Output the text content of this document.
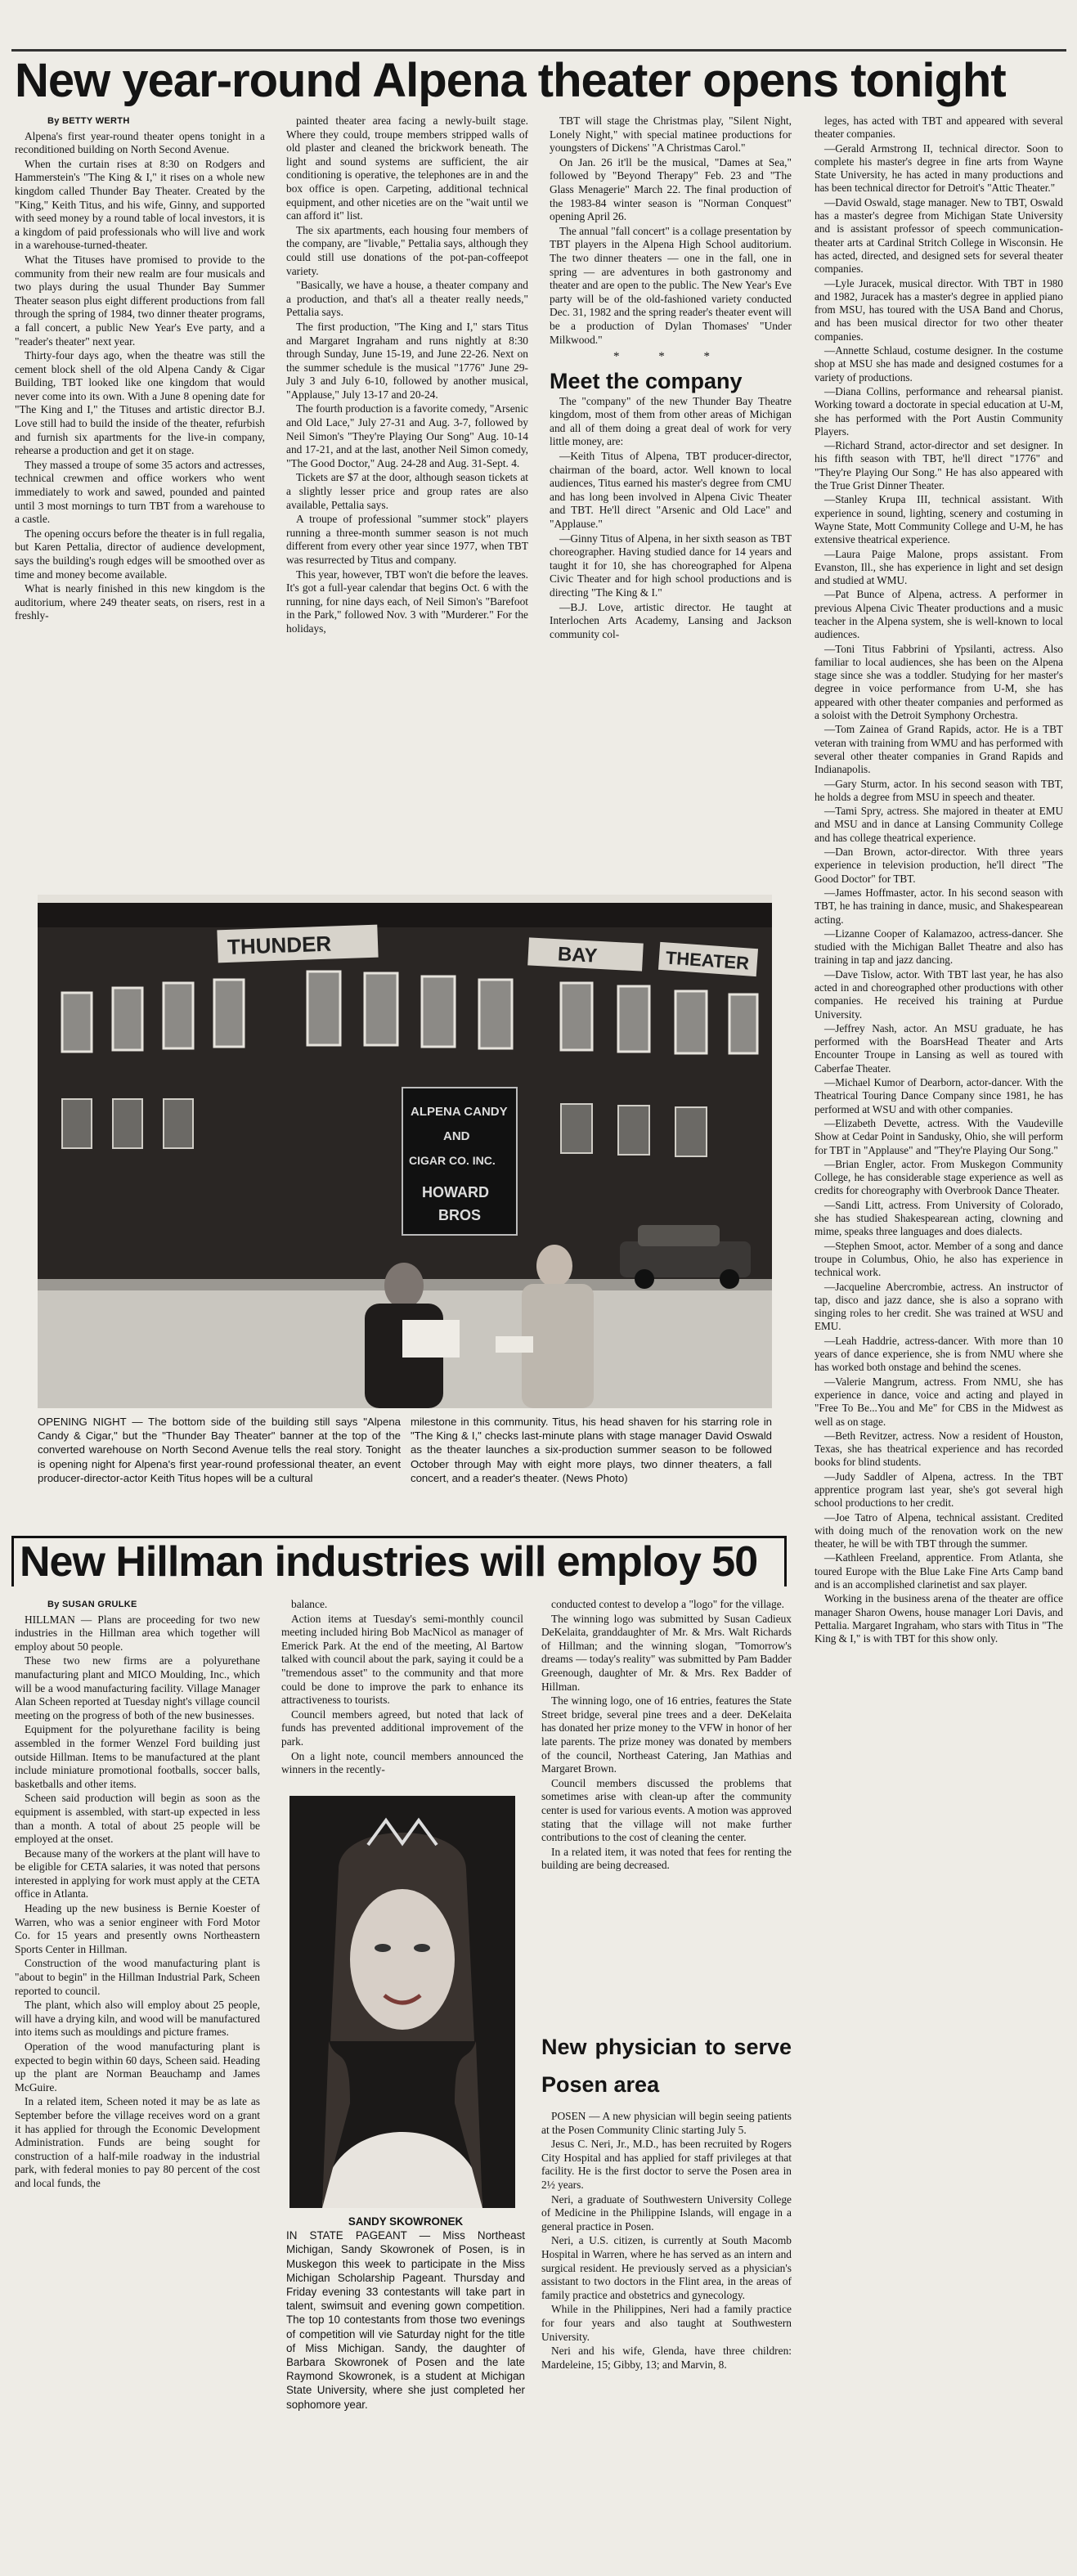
New year-round Alpena theater opens tonight
By BETTY WERTH

Alpena's first year-round theater opens tonight in a reconditioned building on North Second Avenue.

When the curtain rises at 8:30 on Rodgers and Hammerstein's "The King & I," it rises on a whole new kingdom called Thunder Bay Theater. Created by the "King," Keith Titus, and his wife, Ginny, and supported with seed money by a round table of local investors, it is a kingdom of paid professionals who will live and work in a warehouse-turned-theater.

What the Tituses have promised to provide to the community from their new realm are four musicals and two plays during the usual Thunder Bay Summer Theater season plus eight different productions from fall through the spring of 1984, two dinner theater programs, a fall concert, a public New Year's Eve party, and a "reader's theater" next year.

Thirty-four days ago, when the theatre was still the cement block shell of the old Alpena Candy & Cigar Building, TBT looked like one kingdom that would never come into its own. With a June 8 opening date for "The King and I," the Tituses and artistic director B.J. Love still had to build the inside of the theater, refurbish and furnish six apartments for the live-in company, rehearse a production and get it on stage.

They massed a troupe of some 35 actors and actresses, technical crewmen and office workers who went immediately to work and sawed, pounded and painted until 3 most mornings to turn TBT from a warehouse to a castle.

The opening occurs before the theater is in full regalia, but Karen Pettalia, director of audience development, says the building's rough edges will be smoothed over as time and money become available.

What is nearly finished in this new kingdom is the auditorium, where 249 theater seats, on risers, rest in a freshly-

painted theater area facing a newly-built stage. Where they could, troupe members stripped walls of old plaster and cleaned the brickwork beneath. The light and sound systems are sufficient, the air conditioning is operative, the telephones are in and the box office is open. Carpeting, additional technical equipment, and other niceties are on the "wait until we can afford it" list.

The six apartments, each housing four members of the company, are "livable," Pettalia says, although they could still use donations of the pot-pan-coffeepot variety.

"Basically, we have a house, a theater company and a production, and that's all a theater really needs," Pettalia says.

The first production, "The King and I," stars Titus and Margaret Ingraham and runs nightly at 8:30 through Sunday, June 15-19, and June 22-26. Next on the summer schedule is the musical "1776" June 29-July 3 and July 6-10, followed by another musical, "Applause," July 13-17 and 20-24.

The fourth production is a favorite comedy, "Arsenic and Old Lace," July 27-31 and Aug. 3-7, followed by Neil Simon's "They're Playing Our Song" Aug. 10-14 and 17-21, and at the last, another Neil Simon comedy, "The Good Doctor," Aug. 24-28 and Aug. 31-Sept. 4.

Tickets are $7 at the door, although season tickets at a slightly lesser price and group rates are also available, Pettalia says.

A troupe of professional "summer stock" players running a three-month summer season is not much different from every other year since 1977, when TBT was resurrected by Titus and company.

This year, however, TBT won't die before the leaves. It's got a full-year calendar that begins Oct. 6 with the running, for nine days each, of Neil Simon's "Barefoot in the Park," followed Nov. 3 with "Murderer." For the holidays,

TBT will stage the Christmas play, "Silent Night, Lonely Night," with special matinee productions for youngsters of Dickens' "A Christmas Carol."

On Jan. 26 it'll be the musical, "Dames at Sea," followed by "Beyond Therapy" Feb. 23 and "The Glass Menagerie" March 22. The final production of the 1983-84 winter season is "Norman Conquest" opening April 26.

The annual "fall concert" is a collage presentation by TBT players in the Alpena High School auditorium. The two dinner theaters — one in the fall, one in spring — are adventures in both gastronomy and theater and are open to the public. The New Year's Eve party will be of the old-fashioned variety conducted Dec. 31, 1982 and the spring reader's theater event will be a production of Dylan Thomases' "Under Milkwood."

* * *

Meet the company

The "company" of the new Thunder Bay Theatre kingdom, most of them from other areas of Michigan and all of them doing a great deal of work for very little money, are:

—Keith Titus of Alpena, TBT producer-director, chairman of the board, actor. Well known to local audiences, Titus earned his master's degree from CMU and has long been involved in Alpena Civic Theater and TBT. He'll direct "Arsenic and Old Lace" and "Applause."

—Ginny Titus of Alpena, in her sixth season as TBT choreographer. Having studied dance for 14 years and taught it for 10, she has choreographed for Alpena Civic Theater and for high school productions and is directing "The King & I."

—B.J. Love, artistic director. He taught at Interlochen Arts Academy, Lansing and Jackson community col-

leges, has acted with TBT and appeared with several theater companies.

—Gerald Armstrong II, technical director. Soon to complete his master's degree in fine arts from Wayne State University, he has acted in many productions and has been technical director for Detroit's "Attic Theater."

—David Oswald, stage manager. New to TBT, Oswald has a master's degree from Michigan State University and is assistant professor of speech communication-theater arts at Cardinal Stritch College in Wisconsin. He has acted, directed, and designed sets for several theater companies.

—Lyle Juracek, musical director. With TBT in 1980 and 1982, Juracek has a master's degree in applied piano from MSU, has toured with the USA Band and Chorus, and has been musical director for two other theater companies.

—Annette Schlaud, costume designer. In the costume shop at MSU she has made and designed costumes for a variety of productions.

—Diana Collins, performance and rehearsal pianist. Working toward a doctorate in special education at U-M, she has performed with the Port Austin Community Players.

—Richard Strand, actor-director and set designer. In his fifth season with TBT, he'll direct "1776" and "They're Playing Our Song." He has also appeared with the True Grist Dinner Theater.

—Stanley Krupa III, technical assistant. With experience in sound, lighting, scenery and costuming in Wayne State, Mott Community College and U-M, he has extensive theatrical experience.

—Laura Paige Malone, props assistant. From Evanston, Ill., she has experience in light and set design and studied at WMU.

—Pat Bunce of Alpena, actress. A performer in previous Alpena Civic Theater productions and a music teacher in the Alpena system, she is well-known to local audiences.

—Toni Titus Fabbrini of Ypsilanti, actress. Also familiar to local audiences, she has been on the Alpena stage since she was a toddler. Studying for her master's degree in voice performance from U-M, she has appeared with other theater companies and performed as a soloist with the Detroit Symphony Orchestra.

—Tom Zainea of Grand Rapids, actor. He is a TBT veteran with training from WMU and has performed with several other theater companies in Grand Rapids and Indianapolis.

—Gary Sturm, actor. In his second season with TBT, he holds a degree from MSU in speech and theater.

—Tami Spry, actress. She majored in theater at EMU and MSU and in dance at Lansing Community College and has college theatrical experience.

—Dan Brown, actor-director. With three years experience in television production, he'll direct "The Good Doctor" for TBT.

—James Hoffmaster, actor. In his second season with TBT, he has training in dance, music, and Shakespearean acting.

—Lizanne Cooper of Kalamazoo, actress-dancer. She studied with the Michigan Ballet Theatre and also has training in tap and jazz dancing.

—Dave Tislow, actor. With TBT last year, he has also acted in and choreographed other productions with other companies. He received his training at Purdue University.

—Jeffrey Nash, actor. An MSU graduate, he has performed with the BoarsHead Theater and Arts Encounter Troupe in Lansing as well as toured with Caberfae Theater.

—Michael Kumor of Dearborn, actor-dancer. With the Theatrical Touring Dance Company since 1981, he has performed at WSU and with other companies.

—Elizabeth Devette, actress. With the Vaudeville Show at Cedar Point in Sandusky, Ohio, she will perform for TBT in "Applause" and "They're Playing Our Song."

—Brian Engler, actor. From Muskegon Community College, he has considerable stage experience as well as credits for choreography with Overbrook Dance Theater.

—Sandi Litt, actress. From University of Colorado, she has studied Shakespearean acting, clowning and mime, speaks three languages and does dialects.

—Stephen Smoot, actor. Member of a song and dance troupe in Columbus, Ohio, he also has experience in technical work.

—Jacqueline Abercrombie, actress. An instructor of tap, disco and jazz dance, she is also a soprano with singing roles to her credit. She was trained at WSU and EMU.

—Leah Haddrie, actress-dancer. With more than 10 years of dance experience, she is from NMU where she has worked both onstage and behind the scenes.

—Valerie Mangrum, actress. From NMU, she has experience in dance, voice and acting and played in "Free To Be...You and Me" for CBS in the Midwest as well as on stage.

—Beth Revitzer, actress. Now a resident of Houston, Texas, she has theatrical experience and has recorded books for blind students.

—Judy Saddler of Alpena, actress. In the TBT apprentice program last year, she's got several high school productions to her credit.

—Joe Tatro of Alpena, technical assistant. Credited with doing much of the renovation work on the new theater, he will be with TBT through the summer.

—Kathleen Freeland, apprentice. From Atlanta, she toured Europe with the Blue Lake Fine Arts Camp band and is an accomplished clarinetist and sax player.

Working in the business arena of the theater are office manager Sharon Owens, house manager Lori Davis, and Pettalia. Margaret Ingraham, who stars with Titus in "The King & I," is with TBT for this show only.

THUNDER	BAY	THEATER
ALPENA CANDY
AND
CIGAR CO. INC.
HOWARD
BROS
OPENING NIGHT — The bottom side of the building still says "Alpena Candy & Cigar," but the "Thunder Bay Theater" banner at the top of the converted warehouse on North Second Avenue tells the real story. Tonight is opening night for Alpena's first year-round professional theater, an event producer-director-actor Keith Titus hopes will be a cultural
milestone in this community. Titus, his head shaven for his starring role in "The King & I," checks last-minute plans with stage manager David Oswald as the theater launches a six-production summer season to be followed October through May with eight more plays, two dinner theaters, a fall concert, and a reader's theater. (News Photo)
New Hillman industries will employ 50
By SUSAN GRULKE

HILLMAN — Plans are proceeding for two new industries in the Hillman area which together will employ about 50 people.

These two new firms are a polyurethane manufacturing plant and MICO Moulding, Inc., which will be a wood manufacturing facility. Village Manager Alan Scheen reported at Tuesday night's village council meeting on the progress of both of the new businesses.

Equipment for the polyurethane facility is being assembled in the former Wenzel Ford building just outside Hillman. Items to be manufactured at the plant include miniature promotional footballs, soccer balls, basketballs and other items.

Scheen said production will begin as soon as the equipment is assembled, with start-up expected in less than a month. A total of about 25 people will be employed at the onset.

Because many of the workers at the plant will have to be eligible for CETA salaries, it was noted that persons interested in applying for work must apply at the CETA office in Atlanta.

Heading up the new business is Bernie Koester of Warren, who was a senior engineer with Ford Motor Co. for 15 years and presently owns Northeastern Sports Center in Hillman.

Construction of the wood manufacturing plant is "about to begin" in the Hillman Industrial Park, Scheen reported to council.

The plant, which also will employ about 25 people, will have a drying kiln, and wood will be manufactured into items such as mouldings and picture frames.

Operation of the wood manufacturing plant is expected to begin within 60 days, Scheen said. Heading up the plant are Norman Beauchamp and James McGuire.

In a related item, Scheen noted it may be as late as September before the village receives word on a grant it has applied for through the Economic Development Administration. Funds are being sought for construction of a half-mile roadway in the industrial park, with federal monies to pay 80 percent of the cost and local funds, the

balance.

Action items at Tuesday's semi-monthly council meeting included hiring Bob MacNicol as manager of Emerick Park. At the end of the meeting, Al Bartow talked with council about the park, saying it could be a "tremendous asset" to the community and that more could be done to improve the park to enhance its attractiveness to tourists.

Council members agreed, but noted that lack of funds has prevented additional improvement of the park.

On a light note, council members announced the winners in the recently-

SANDY SKOWRONEK
IN STATE PAGEANT — Miss Northeast Michigan, Sandy Skowronek of Posen, is in Muskegon this week to participate in the Miss Michigan Scholarship Pageant. Thursday and Friday evening 33 contestants will take part in talent, swimsuit and evening gown competition. The top 10 contestants from those two evenings of competition will vie Saturday night for the title of Miss Michigan. Sandy, the daughter of Barbara Skowronek of Posen and the late Raymond Skowronek, is a student at Michigan State University, where she just completed her sophomore year.

conducted contest to develop a "logo" for the village.

The winning logo was submitted by Susan Cadieux DeKelaita, granddaughter of Mr. & Mrs. Walt Richards of Hillman; and the winning slogan, "Tomorrow's dreams — today's reality" was submitted by Pam Badder Greenough, daughter of Mr. & Mrs. Rex Badder of Hillman.

The winning logo, one of 16 entries, features the State Street bridge, several pine trees and a deer. DeKelaita has donated her prize money to the VFW in honor of her late parents. The prize money was donated by members of the council, Northeast Catering, Jan Mathias and Margaret Brown.

Council members discussed the problems that sometimes arise with clean-up after the community center is used for various events. A motion was approved stating that the village will not make further contributions to the cost of cleaning the center.

In a related item, it was noted that fees for renting the building are being decreased.

New physician to serve Posen area

POSEN — A new physician will begin seeing patients at the Posen Community Clinic starting July 5.

Jesus C. Neri, Jr., M.D., has been recruited by Rogers City Hospital and has applied for staff privileges at that facility. He is the first doctor to serve the Posen area in 2½ years.

Neri, a graduate of Southwestern University College of Medicine in the Philippine Islands, will engage in a general practice in Posen.

Neri, a U.S. citizen, is currently at South Macomb Hospital in Warren, where he has served as an intern and surgical resident. He previously served as a physician's assistant to two doctors in the Flint area, in the areas of family practice and obstetrics and gynecology.

While in the Philippines, Neri had a family practice for four years and also taught at Southwestern University.

Neri and his wife, Glenda, have three children: Mardeleine, 15; Gibby, 13; and Marvin, 8.
